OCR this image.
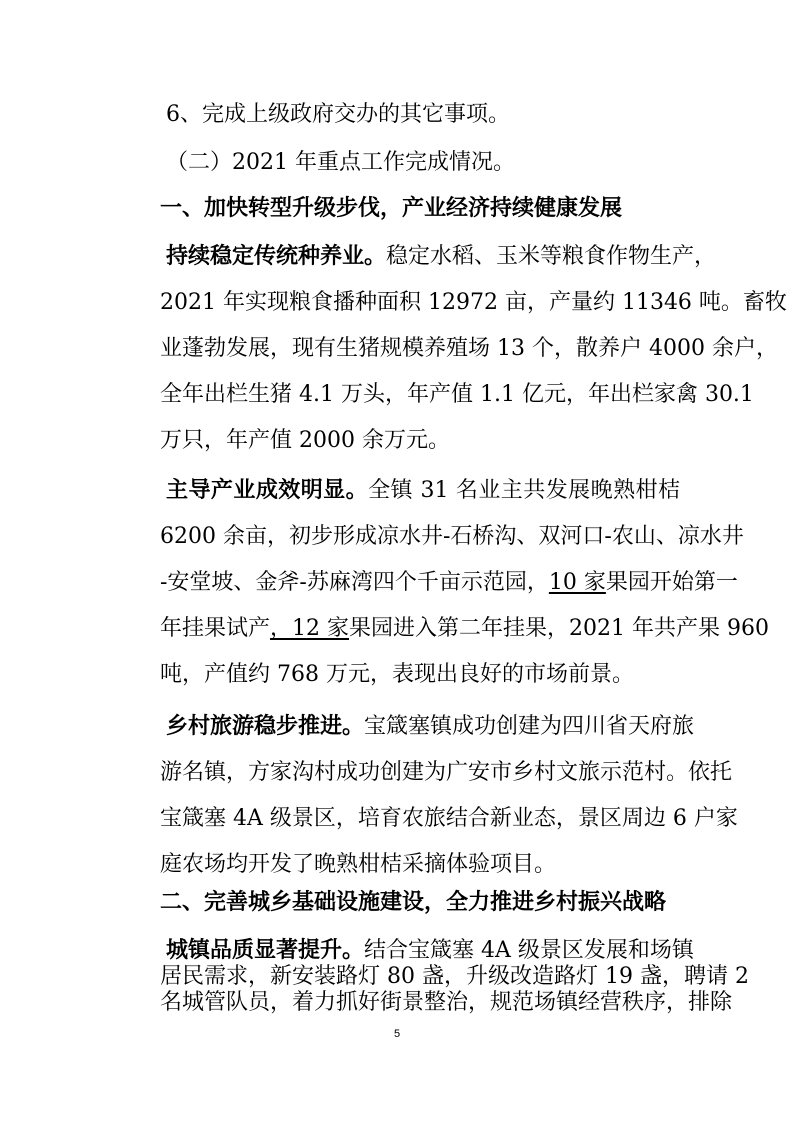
6、完成上级政府交办的其它事项。
（二）2021 年重点工作完成情况。
一、加快转型升级步伐，产业经济持续健康发展
持续稳定传统种养业。稳定水稻、玉米等粮食作物生产，
2021 年实现粮食播种面积 12972 亩，产量约 11346 吨。畜牧
业蓬勃发展，现有生猪规模养殖场 13 个，散养户 4000 余户，
全年出栏生猪 4.1 万头，年产值 1.1 亿元，年出栏家禽 30.1
万只，年产值 2000 余万元。
主导产业成效明显。全镇 31 名业主共发展晚熟柑桔
6200 余亩，初步形成凉水井-石桥沟、双河口-农山、凉水井
-安堂坡、金斧-苏麻湾四个千亩示范园，10 家果园开始第一
年挂果试产，12 家果园进入第二年挂果，2021 年共产果 960
吨，产值约 768 万元，表现出良好的市场前景。
乡村旅游稳步推进。宝箴塞镇成功创建为四川省天府旅
游名镇，方家沟村成功创建为广安市乡村文旅示范村。依托
宝箴塞 4A 级景区，培育农旅结合新业态，景区周边 6 户家
庭农场均开发了晚熟柑桔采摘体验项目。
二、完善城乡基础设施建设，全力推进乡村振兴战略
城镇品质显著提升。结合宝箴塞 4A 级景区发展和场镇
居民需求，新安装路灯 80 盏，升级改造路灯 19 盏，聘请 2
名城管队员，着力抓好街景整治，规范场镇经营秩序，排除
5
